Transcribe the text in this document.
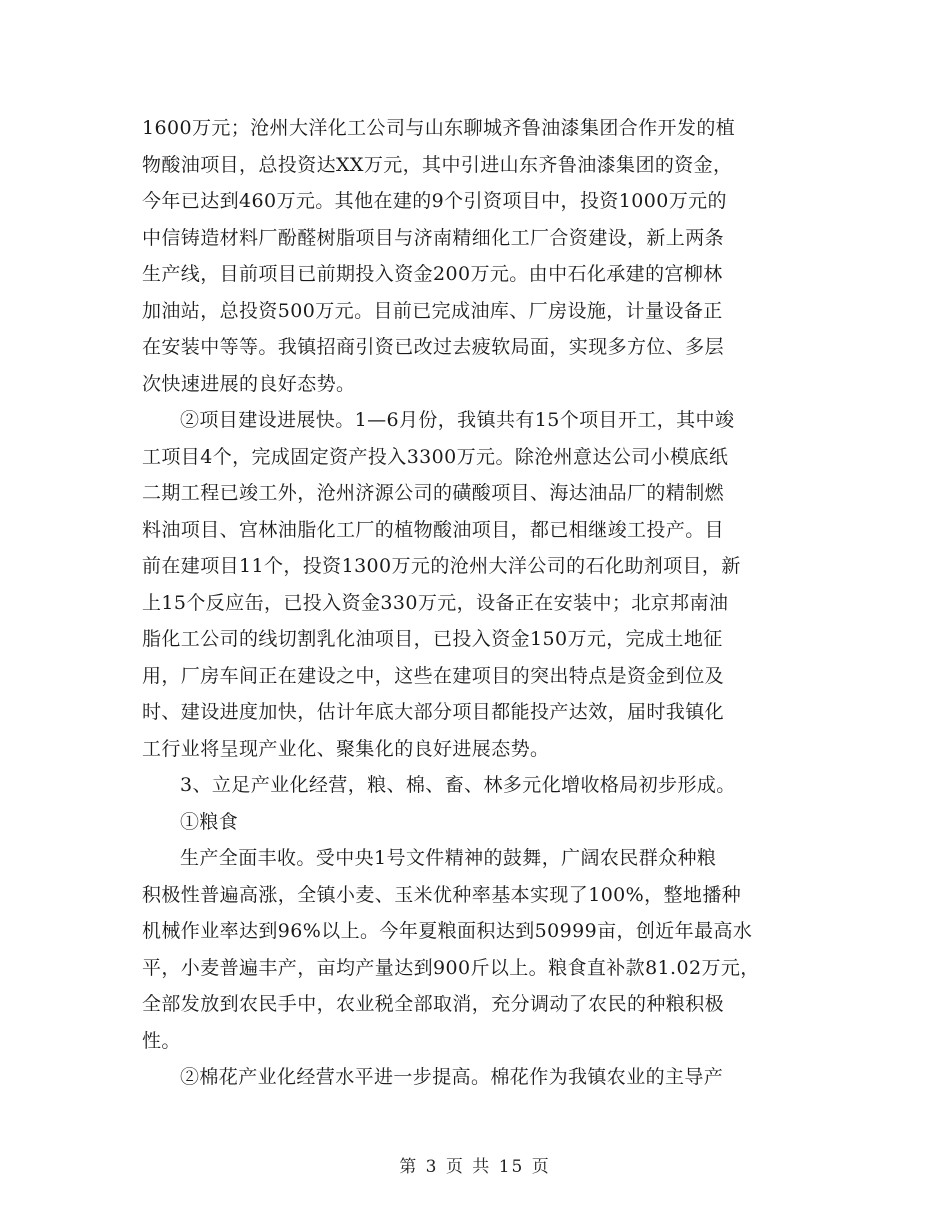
1600万元；沧州大洋化工公司与山东聊城齐鲁油漆集团合作开发的植
物酸油项目，总投资达XX万元，其中引进山东齐鲁油漆集团的资金，
今年已达到460万元。其他在建的9个引资项目中，投资1000万元的
中信铸造材料厂酚醛树脂项目与济南精细化工厂合资建设，新上两条
生产线，目前项目已前期投入资金200万元。由中石化承建的宫柳林
加油站，总投资500万元。目前已完成油库、厂房设施，计量设备正
在安装中等等。我镇招商引资已改过去疲软局面，实现多方位、多层
次快速进展的良好态势。
②项目建设进展快。1—6月份，我镇共有15个项目开工，其中竣
工项目4个，完成固定资产投入3300万元。除沧州意达公司小模底纸
二期工程已竣工外，沧州济源公司的磺酸项目、海达油品厂的精制燃
料油项目、宫林油脂化工厂的植物酸油项目，都已相继竣工投产。目
前在建项目11个，投资1300万元的沧州大洋公司的石化助剂项目，新
上15个反应缶，已投入资金330万元，设备正在安装中；北京邦南油
脂化工公司的线切割乳化油项目，已投入资金150万元，完成土地征
用，厂房车间正在建设之中，这些在建项目的突出特点是资金到位及
时、建设进度加快，估计年底大部分项目都能投产达效，届时我镇化
工行业将呈现产业化、聚集化的良好进展态势。
3、立足产业化经营，粮、棉、畜、林多元化增收格局初步形成。
①粮食
生产全面丰收。受中央1号文件精神的鼓舞，广阔农民群众种粮
积极性普遍高涨，全镇小麦、玉米优种率基本实现了100%，整地播种
机械作业率达到96%以上。今年夏粮面积达到50999亩，创近年最高水
平，小麦普遍丰产，亩均产量达到900斤以上。粮食直补款81.02万元，
全部发放到农民手中，农业税全部取消，充分调动了农民的种粮积极
性。
②棉花产业化经营水平进一步提高。棉花作为我镇农业的主导产
第 3 页 共 15 页
